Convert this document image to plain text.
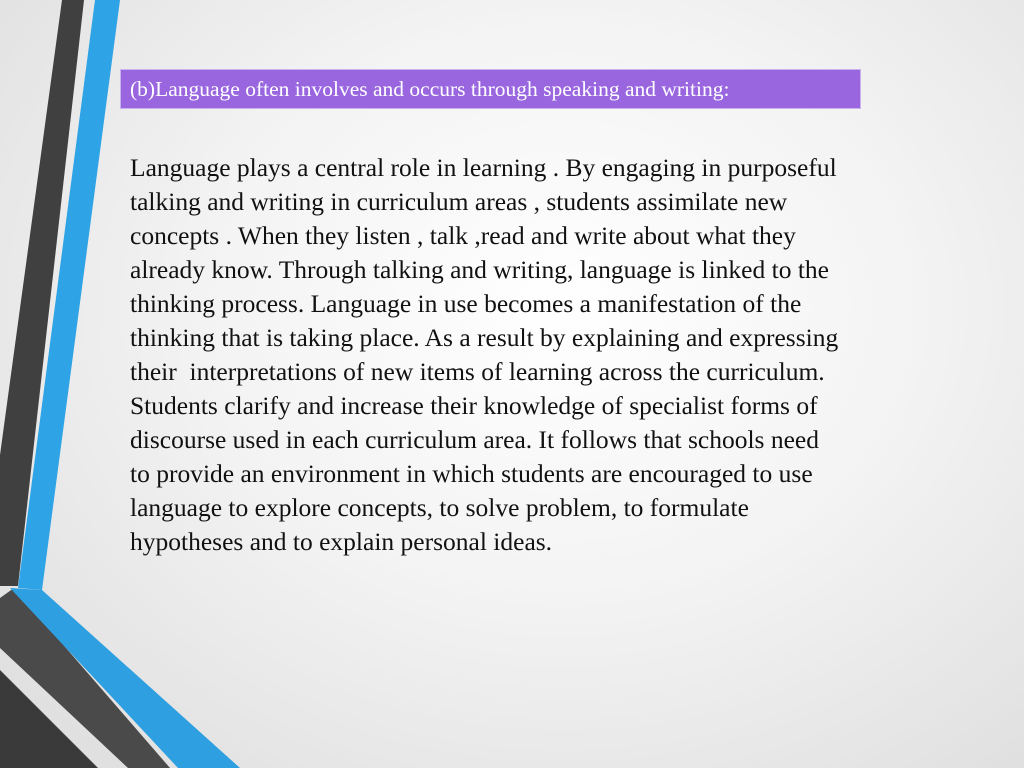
(b)Language often involves and occurs through speaking and writing:

Language plays a central role in learning . By engaging in purposeful
talking and writing in curriculum areas , students assimilate new
concepts . When they listen , talk ,read and write about what they
already know. Through talking and writing, language is linked to the
thinking process. Language in use becomes a manifestation of the
thinking that is taking place. As a result by explaining and expressing
their  interpretations of new items of learning across the curriculum.
Students clarify and increase their knowledge of specialist forms of
discourse used in each curriculum area. It follows that schools need
to provide an environment in which students are encouraged to use
language to explore concepts, to solve problem, to formulate
hypotheses and to explain personal ideas.
